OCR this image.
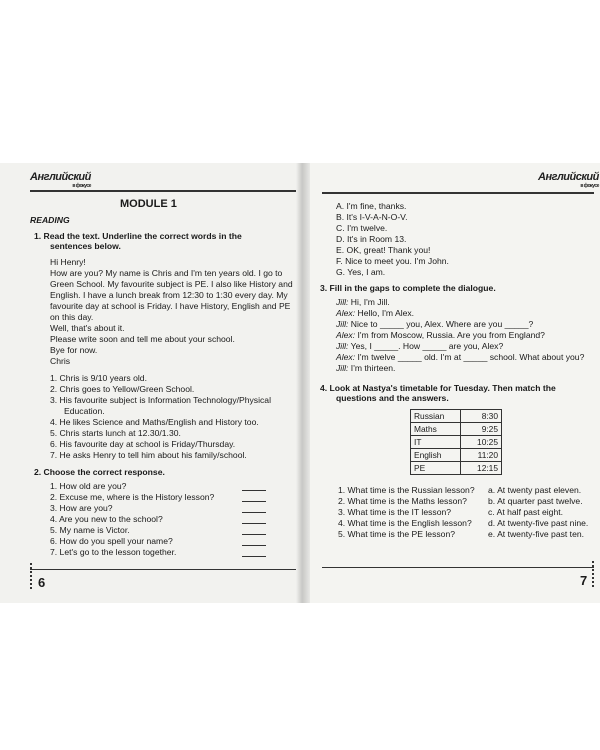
Английский
в фокусе
MODULE 1
READING
1. Read the text. Underline the correct words in the
sentences below.
Hi Henry!
How are you? My name is Chris and I'm ten years old. I go to
Green School. My favourite subject is PE. I also like History and
English. I have a lunch break from 12:30 to 1:30 every day. My
favourite day at school is Friday. I have History, English and PE
on this day.
Well, that's about it.
Please write soon and tell me about your school.
Bye for now.
Chris
1. Chris is 9/10 years old.
2. Chris goes to Yellow/Green School.
3. His favourite subject is Information Technology/Physical
Education.
4. He likes Science and Maths/English and History too.
5. Chris starts lunch at 12.30/1.30.
6. His favourite day at school is Friday/Thursday.
7. He asks Henry to tell him about his family/school.
2. Choose the correct response.
1. How old are you?
2. Excuse me, where is the History lesson?
3. How are you?
4. Are you new to the school?
5. My name is Victor.
6. How do you spell your name?
7. Let's go to the lesson together.
6
Английский
в фокусе
A. I'm fine, thanks.
B. It's I-V-A-N-O-V.
C. I'm twelve.
D. It's in Room 13.
E. OK, great! Thank you!
F. Nice to meet you. I'm John.
G. Yes, I am.
3. Fill in the gaps to complete the dialogue.
Jill: Hi, I'm Jill.
Alex: Hello, I'm Alex.
Jill: Nice to _____ you, Alex. Where are you _____?
Alex: I'm from Moscow, Russia. Are you from England?
Jill: Yes, I _____. How _____ are you, Alex?
Alex: I'm twelve _____ old. I'm at _____ school. What about you?
Jill: I'm thirteen.
4. Look at Nastya's timetable for Tuesday. Then match the
questions and the answers.
Russian	8:30
Maths	9:25
IT	10:25
English	11:20
PE	12:15
1. What time is the Russian lesson?
2. What time is the Maths lesson?
3. What time is the IT lesson?
4. What time is the English lesson?
5. What time is the PE lesson?
a. At twenty past eleven.
b. At quarter past twelve.
c. At half past eight.
d. At twenty-five past nine.
e. At twenty-five past ten.
7
